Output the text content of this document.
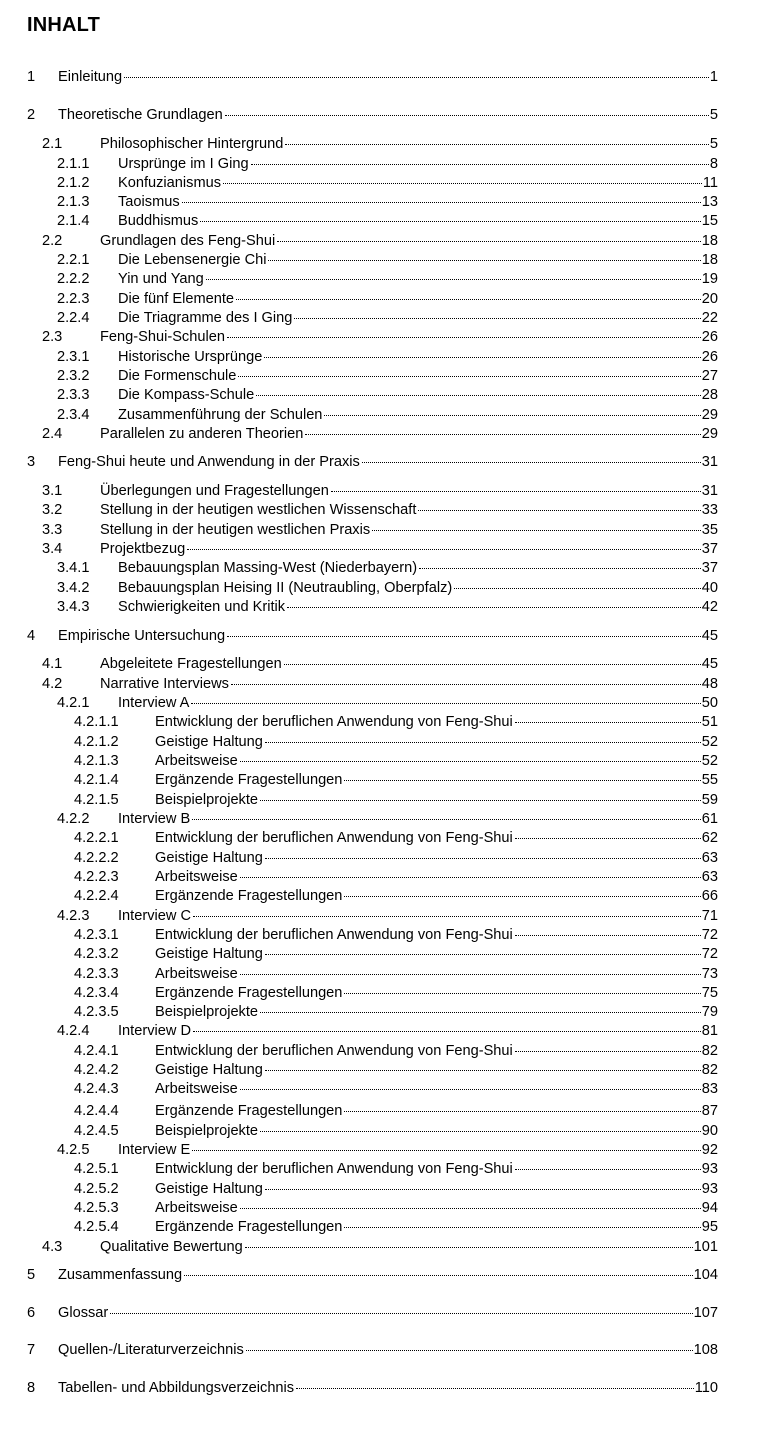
INHALT
1 Einleitung	1
2 Theoretische Grundlagen	5
2.1	Philosophischer Hintergrund	5
2.1.1 Ursprünge im I Ging	8
2.1.2 Konfuzianismus	11
2.1.3 Taoismus	13
2.1.4 Buddhismus	15
2.2	Grundlagen des Feng-Shui	18
2.2.1 Die Lebensenergie Chi	18
2.2.2 Yin und Yang	19
2.2.3 Die fünf Elemente	20
2.2.4 Die Triagramme des I Ging	22
2.3	Feng-Shui-Schulen	26
2.3.1 Historische Ursprünge	26
2.3.2 Die Formenschule	27
2.3.3 Die Kompass-Schule	28
2.3.4 Zusammenführung der Schulen	29
2.4	Parallelen zu anderen Theorien	29
3 Feng-Shui heute und Anwendung in der Praxis	31
3.1	Überlegungen und Fragestellungen	31
3.2	Stellung in der heutigen westlichen Wissenschaft	33
3.3	Stellung in der heutigen westlichen Praxis	35
3.4	Projektbezug	37
3.4.1 Bebauungsplan Massing-West (Niederbayern)	37
3.4.2 Bebauungsplan Heising II (Neutraubling, Oberpfalz)	40
3.4.3 Schwierigkeiten und Kritik	42
4 Empirische Untersuchung	45
4.1	Abgeleitete Fragestellungen	45
4.2	Narrative Interviews	48
4.2.1 Interview A	50
4.2.1.1 Entwicklung der beruflichen Anwendung von Feng-Shui	51
4.2.1.2 Geistige Haltung	52
4.2.1.3 Arbeitsweise	52
4.2.1.4 Ergänzende Fragestellungen	55
4.2.1.5 Beispielprojekte	59
4.2.2 Interview B	61
4.2.2.1 Entwicklung der beruflichen Anwendung von Feng-Shui	62
4.2.2.2 Geistige Haltung	63
4.2.2.3 Arbeitsweise	63
4.2.2.4 Ergänzende Fragestellungen	66
4.2.3 Interview C	71
4.2.3.1 Entwicklung der beruflichen Anwendung von Feng-Shui	72
4.2.3.2 Geistige Haltung	72
4.2.3.3 Arbeitsweise	73
4.2.3.4 Ergänzende Fragestellungen	75
4.2.3.5 Beispielprojekte	79
4.2.4 Interview D	81
4.2.4.1 Entwicklung der beruflichen Anwendung von Feng-Shui	82
4.2.4.2 Geistige Haltung	82
4.2.4.3 Arbeitsweise	83
4.2.4.4 Ergänzende Fragestellungen	87
4.2.4.5 Beispielprojekte	90
4.2.5 Interview E	92
4.2.5.1 Entwicklung der beruflichen Anwendung von Feng-Shui	93
4.2.5.2 Geistige Haltung	93
4.2.5.3 Arbeitsweise	94
4.2.5.4 Ergänzende Fragestellungen	95
4.3	Qualitative Bewertung	101
5 Zusammenfassung	104
6 Glossar	107
7 Quellen-/Literaturverzeichnis	108
8 Tabellen- und Abbildungsverzeichnis	110
